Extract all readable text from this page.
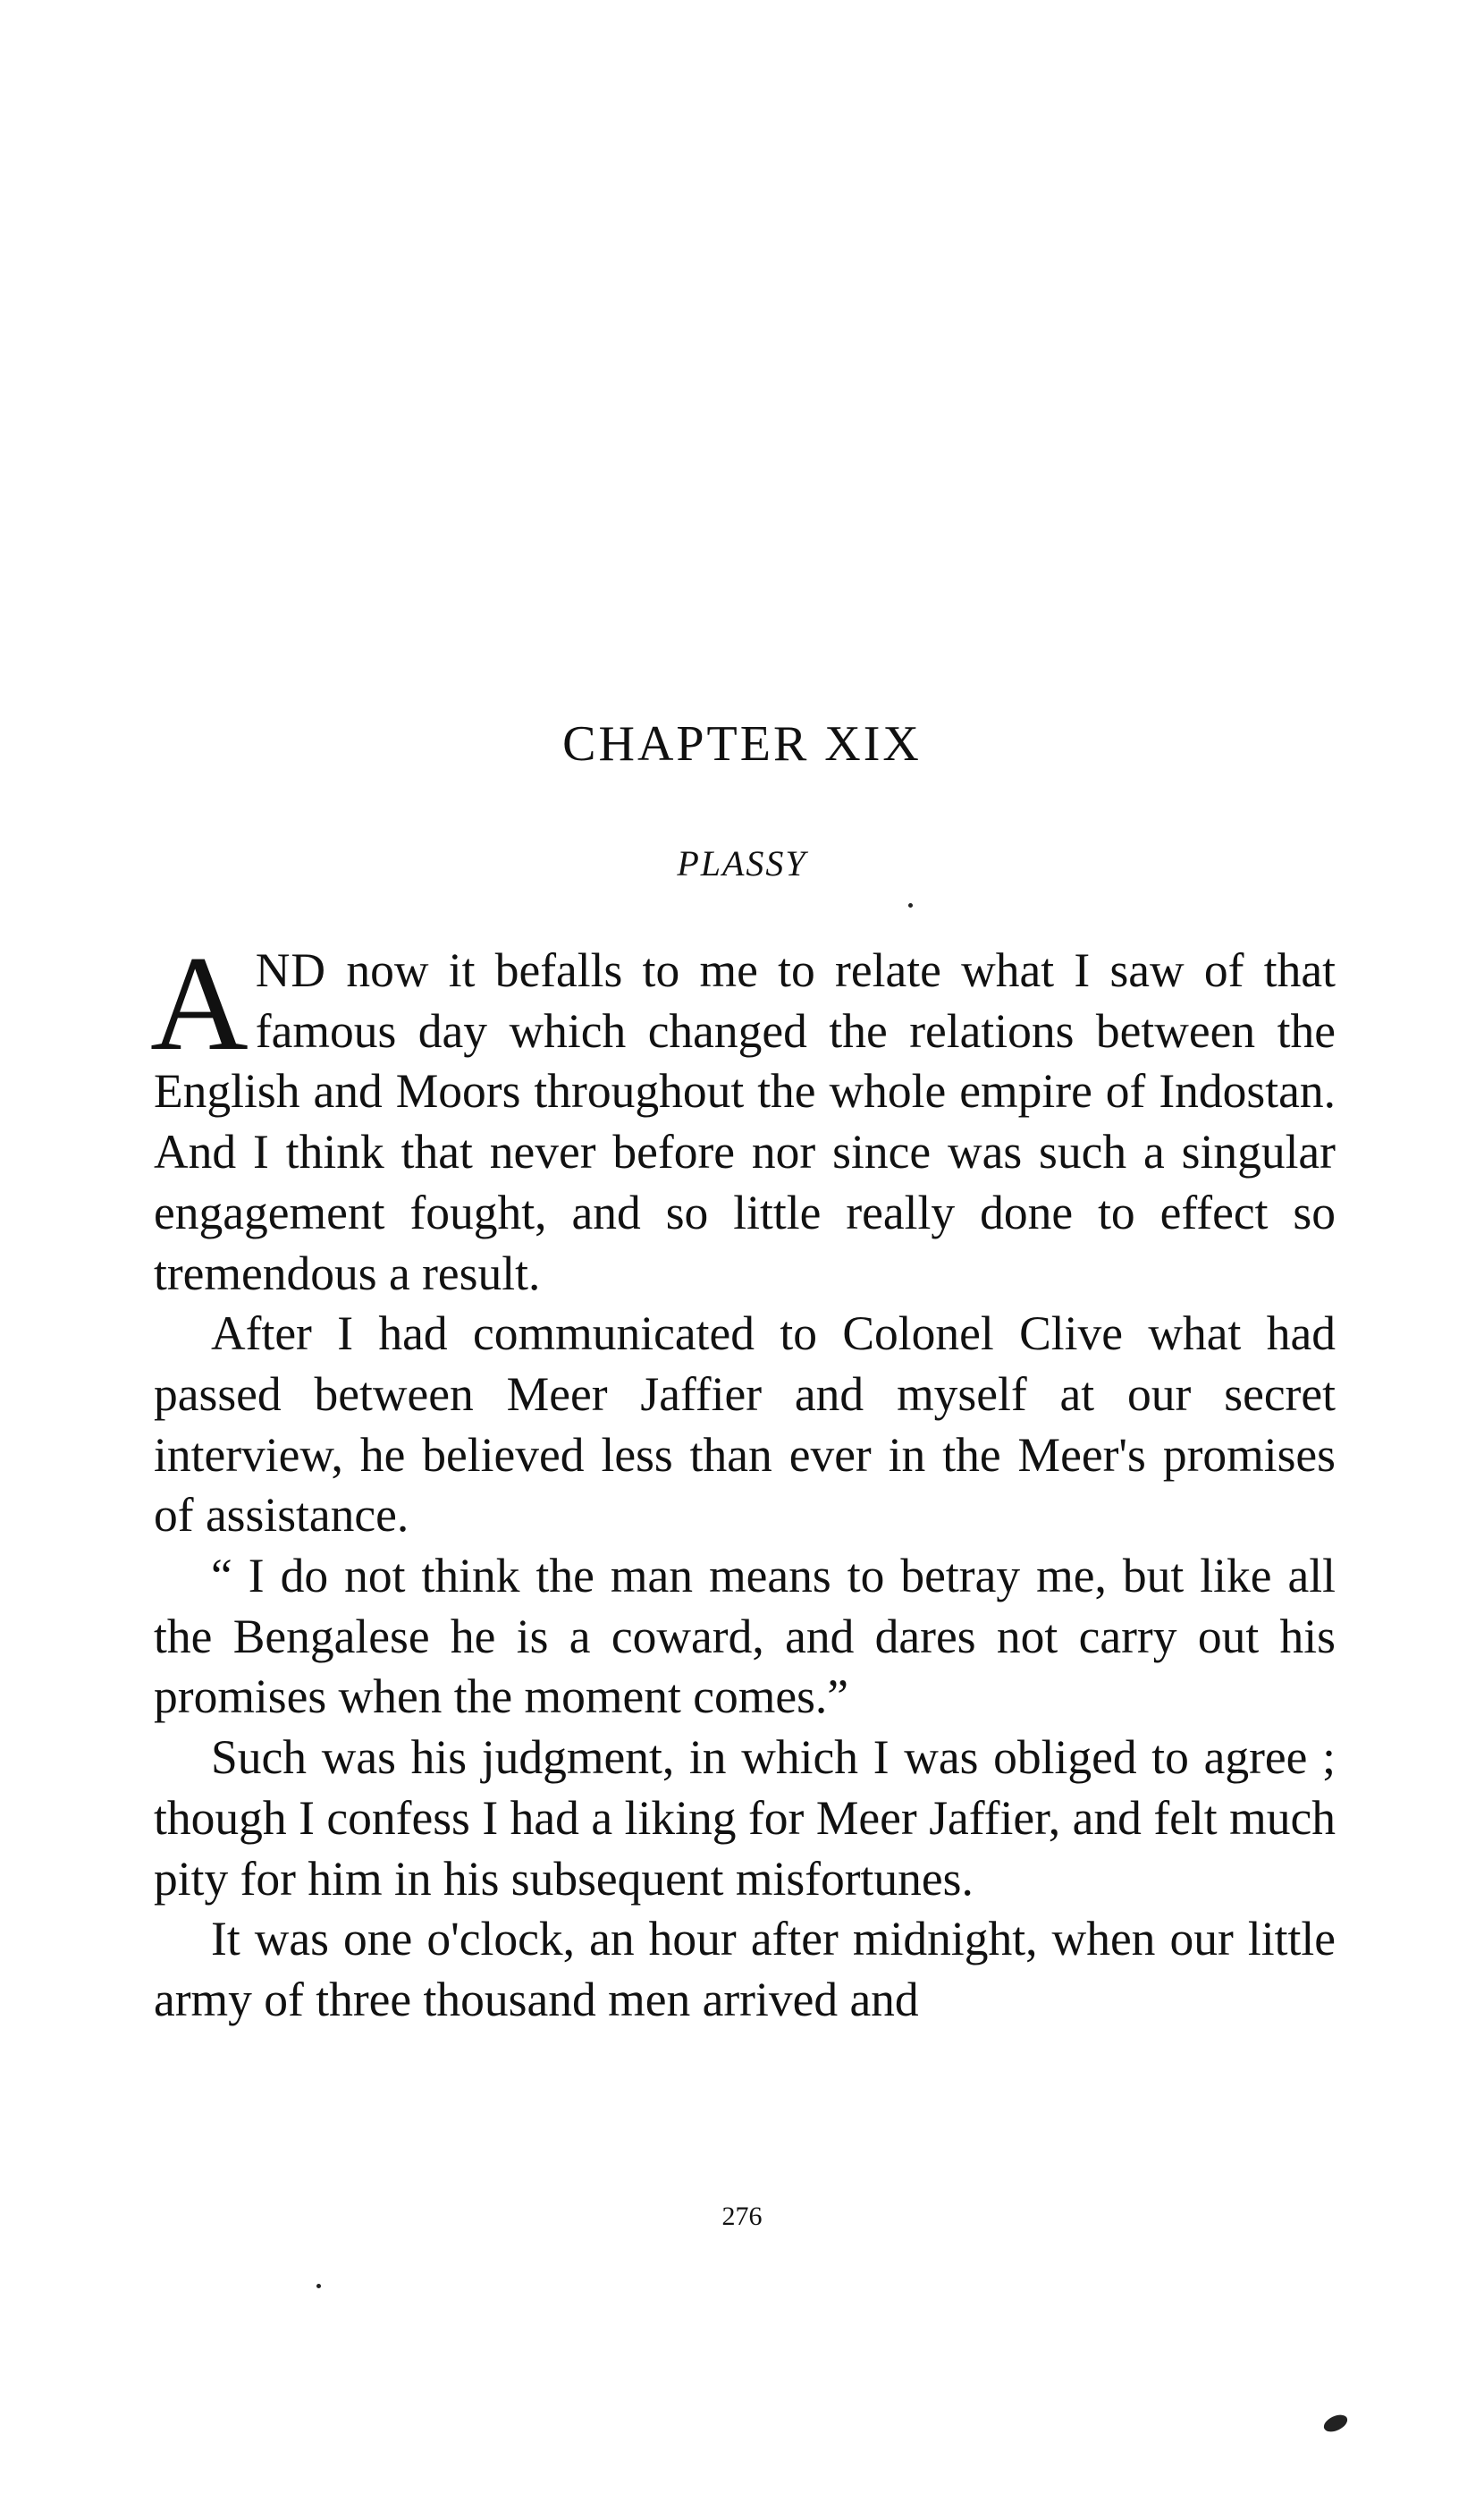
CHAPTER XIX
PLASSY

AND now it befalls to me to relate what I saw of that famous day which changed the relations between the English and Moors throughout the whole empire of Indostan. And I think that never before nor since was such a singular engagement fought, and so little really done to effect so tremendous a result.

After I had communicated to Colonel Clive what had passed between Meer Jaffier and myself at our secret interview, he believed less than ever in the Meer's promises of assistance.

“ I do not think the man means to betray me, but like all the Bengalese he is a coward, and dares not carry out his promises when the moment comes.”

Such was his judgment, in which I was obliged to agree ; though I confess I had a liking for Meer Jaffier, and felt much pity for him in his subsequent misfortunes.

It was one o'clock, an hour after midnight, when our little army of three thousand men arrived and

276
